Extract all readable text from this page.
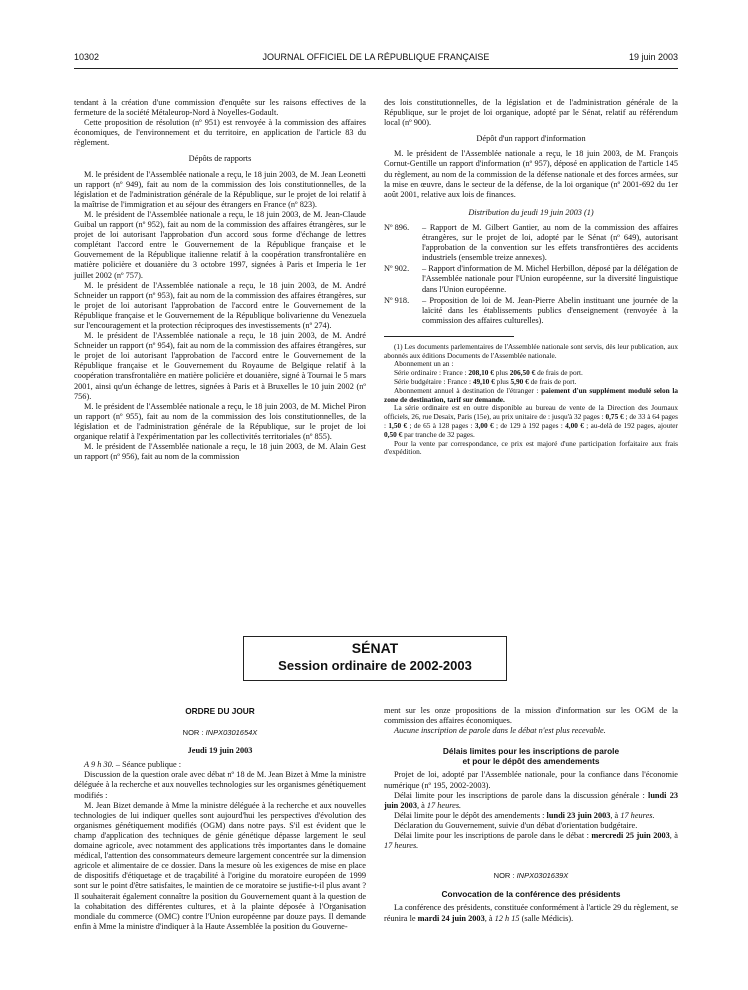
10302	JOURNAL OFFICIEL DE LA RÉPUBLIQUE FRANÇAISE	19 juin 2003

tendant à la création d'une commission d'enquête sur les raisons effectives de la fermeture de la société Métaleurop-Nord à Noyelles-Godault.

Cette proposition de résolution (nº 951) est renvoyée à la commission des affaires économiques, de l'environnement et du territoire, en application de l'article 83 du règlement.

Dépôts de rapports

M. le président de l'Assemblée nationale a reçu, le 18 juin 2003, de M. Jean Leonetti un rapport (nº 949), fait au nom de la commission des lois constitutionnelles, de la législation et de l'administration générale de la République, sur le projet de loi relatif à la maîtrise de l'immigration et au séjour des étrangers en France (nº 823).

M. le président de l'Assemblée nationale a reçu, le 18 juin 2003, de M. Jean-Claude Guibal un rapport (nº 952), fait au nom de la commission des affaires étrangères, sur le projet de loi autorisant l'approbation d'un accord sous forme d'échange de lettres complétant l'accord entre le Gouvernement de la République française et le Gouvernement de la République italienne relatif à la coopération transfrontalière en matière policière et douanière du 3 octobre 1997, signées à Paris et Imperia le 1er juillet 2002 (nº 757).

M. le président de l'Assemblée nationale a reçu, le 18 juin 2003, de M. André Schneider un rapport (nº 953), fait au nom de la commission des affaires étrangères, sur le projet de loi autorisant l'approbation de l'accord entre le Gouvernement de la République française et le Gouvernement de la République bolivarienne du Venezuela sur l'encouragement et la protection réciproques des investissements (nº 274).

M. le président de l'Assemblée nationale a reçu, le 18 juin 2003, de M. André Schneider un rapport (nº 954), fait au nom de la commission des affaires étrangères, sur le projet de loi autorisant l'approbation de l'accord entre le Gouvernement de la République française et le Gouvernement du Royaume de Belgique relatif à la coopération transfrontalière en matière policière et douanière, signé à Tournai le 5 mars 2001, ainsi qu'un échange de lettres, signées à Paris et à Bruxelles le 10 juin 2002 (nº 756).

M. le président de l'Assemblée nationale a reçu, le 18 juin 2003, de M. Michel Piron un rapport (nº 955), fait au nom de la commission des lois constitutionnelles, de la législation et de l'administration générale de la République, sur le projet de loi organique relatif à l'expérimentation par les collectivités territoriales (nº 855).

M. le président de l'Assemblée nationale a reçu, le 18 juin 2003, de M. Alain Gest un rapport (nº 956), fait au nom de la commission

des lois constitutionnelles, de la législation et de l'administration générale de la République, sur le projet de loi organique, adopté par le Sénat, relatif au référendum local (nº 900).

Dépôt d'un rapport d'information

M. le président de l'Assemblée nationale a reçu, le 18 juin 2003, de M. François Cornut-Gentille un rapport d'information (nº 957), déposé en application de l'article 145 du règlement, au nom de la commission de la défense nationale et des forces armées, sur la mise en œuvre, dans le secteur de la défense, de la loi organique (nº 2001-692 du 1er août 2001, relative aux lois de finances.

Distribution du jeudi 19 juin 2003 (1)
Nº 896.	– Rapport de M. Gilbert Gantier, au nom de la commission des affaires étrangères, sur le projet de loi, adopté par le Sénat (nº 649), autorisant l'approbation de la convention sur les effets transfrontières des accidents industriels (ensemble treize annexes).
Nº 902.	– Rapport d'information de M. Michel Herbillon, déposé par la délégation de l'Assemblée nationale pour l'Union européenne, sur la diversité linguistique dans l'Union européenne.
Nº 918.	– Proposition de loi de M. Jean-Pierre Abelin instituant une journée de la laïcité dans les établissements publics d'enseignement (renvoyée à la commission des affaires culturelles).

(1) Les documents parlementaires de l'Assemblée nationale sont servis, dès leur publication, aux abonnés aux éditions Documents de l'Assemblée nationale.

Abonnement un an :

Série ordinaire : France : 208,10 € plus 206,50 € de frais de port.

Série budgétaire : France : 49,10 € plus 5,90 € de frais de port.

Abonnement annuel à destination de l'étranger : paiement d'un supplément modulé selon la zone de destination, tarif sur demande.

La série ordinaire est en outre disponible au bureau de vente de la Direction des Journaux officiels, 26, rue Desaix, Paris (15e), au prix unitaire de : jusqu'à 32 pages : 0,75 € ; de 33 à 64 pages : 1,50 € ; de 65 à 128 pages : 3,00 € ; de 129 à 192 pages : 4,00 € ; au-delà de 192 pages, ajouter 0,50 € par tranche de 32 pages.

Pour la vente par correspondance, ce prix est majoré d'une participation forfaitaire aux frais d'expédition.

SÉNAT
Session ordinaire de 2002-2003
ORDRE DU JOUR
NOR : INPX0301654X
Jeudi 19 juin 2003

A 9 h 30. – Séance publique :

Discussion de la question orale avec débat nº 18 de M. Jean Bizet à Mme la ministre déléguée à la recherche et aux nouvelles technologies sur les organismes génétiquement modifiés :

M. Jean Bizet demande à Mme la ministre déléguée à la recherche et aux nouvelles technologies de lui indiquer quelles sont aujourd'hui les perspectives d'évolution des organismes génétiquement modifiés (OGM) dans notre pays. S'il est évident que le champ d'application des techniques de génie génétique dépasse largement le seul domaine agricole, avec notamment des applications très importantes dans le domaine médical, l'attention des consommateurs demeure largement concentrée sur la dimension agricole et alimentaire de ce dossier. Dans la mesure où les exigences de mise en place de dispositifs d'étiquetage et de traçabilité à l'origine du moratoire européen de 1999 sont sur le point d'être satisfaites, le maintien de ce moratoire se justifie-t-il plus avant ? Il souhaiterait également connaître la position du Gouvernement quant à la question de la cohabitation des différentes cultures, et à la plainte déposée à l'Organisation mondiale du commerce (OMC) contre l'Union européenne par douze pays. Il demande enfin à Mme la ministre d'indiquer à la Haute Assemblée la position du Gouverne-

ment sur les onze propositions de la mission d'information sur les OGM de la commission des affaires économiques.

Aucune inscription de parole dans le débat n'est plus recevable.

Délais limites pour les inscriptions de parole
et pour le dépôt des amendements

Projet de loi, adopté par l'Assemblée nationale, pour la confiance dans l'économie numérique (nº 195, 2002-2003).

Délai limite pour les inscriptions de parole dans la discussion générale : lundi 23 juin 2003, à 17 heures.

Délai limite pour le dépôt des amendements : lundi 23 juin 2003, à 17 heures.

Déclaration du Gouvernement, suivie d'un débat d'orientation budgétaire.

Délai limite pour les inscriptions de parole dans le débat : mercredi 25 juin 2003, à 17 heures.

NOR : INPX0301639X
Convocation de la conférence des présidents

La conférence des présidents, constituée conformément à l'article 29 du règlement, se réunira le mardi 24 juin 2003, à 12 h 15 (salle Médicis).
